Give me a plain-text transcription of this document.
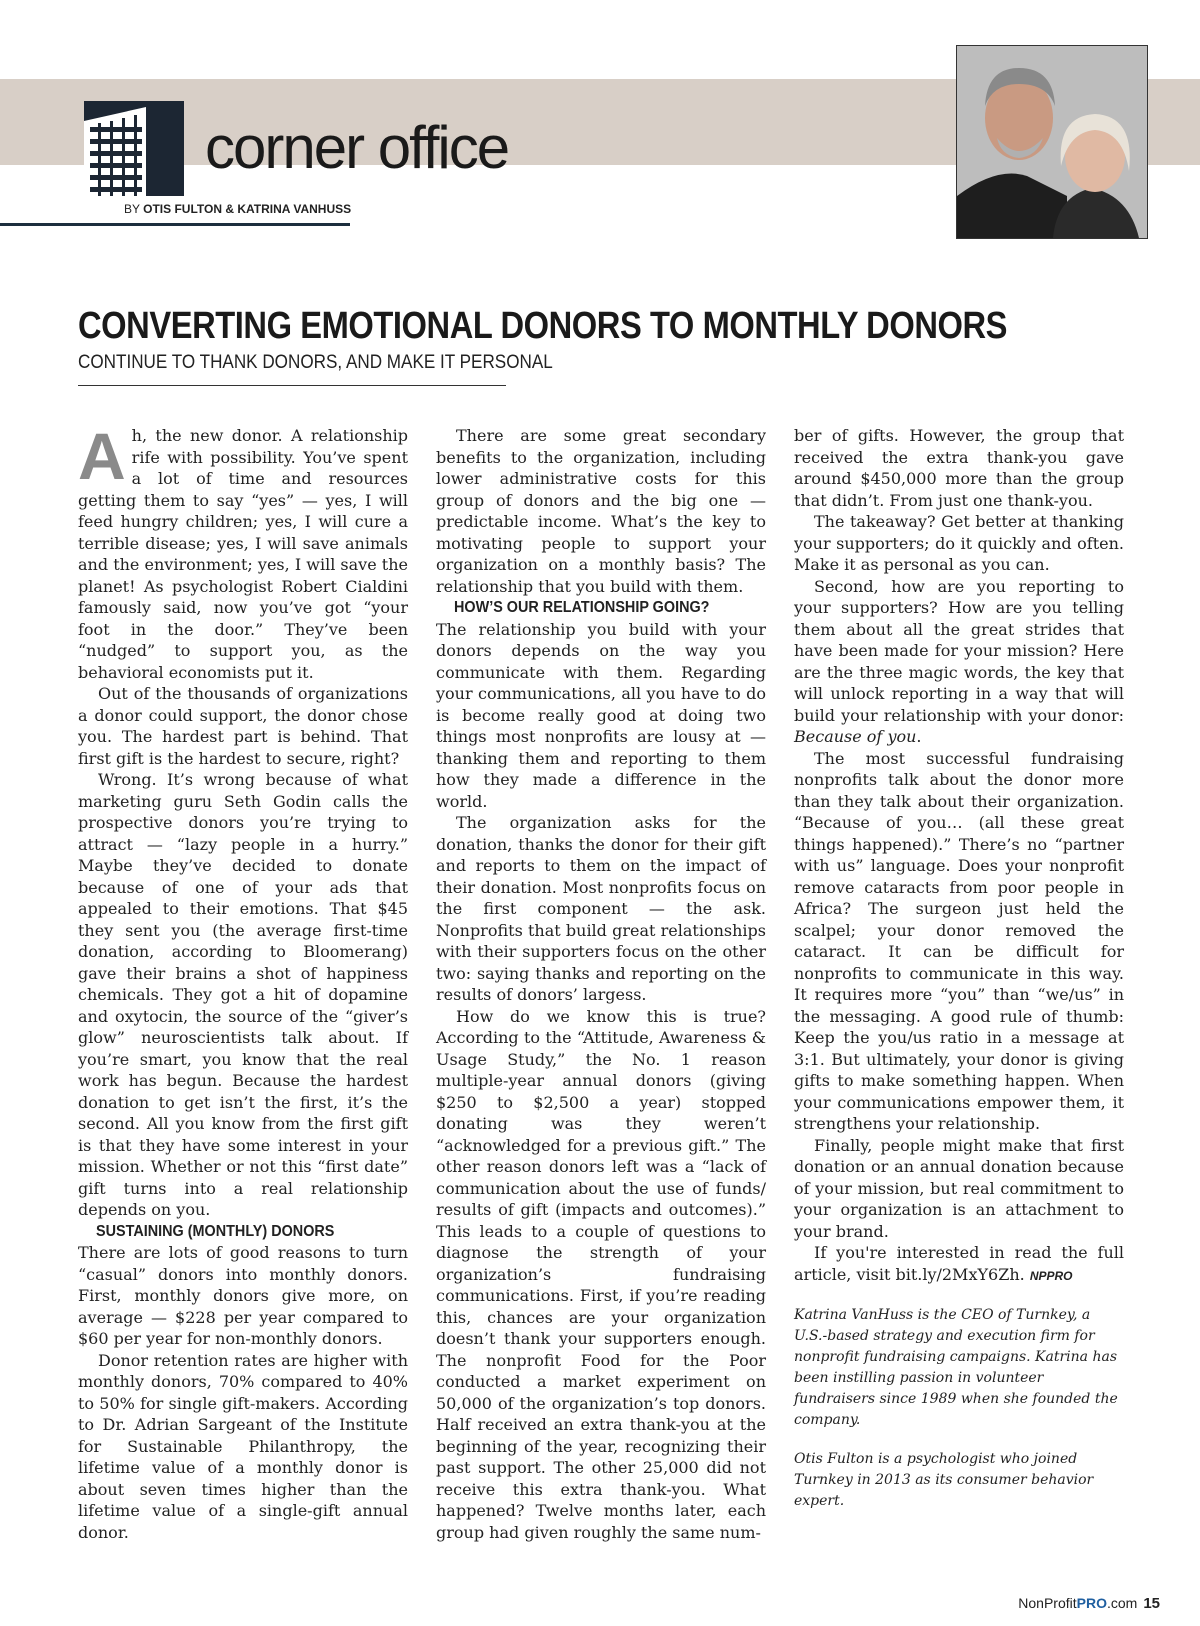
corner office
BY OTIS FULTON & KATRINA VANHUSS
CONVERTING EMOTIONAL DONORS TO MONTHLY DONORS
CONTINUE TO THANK DONORS, AND MAKE IT PERSONAL

Ah, the new donor. A relationship rife with possibility. You’ve spent a lot of time and resources getting them to say “yes” — yes, I will feed hungry children; yes, I will cure a terrible disease; yes, I will save animals and the environment; yes, I will save the planet! As psychologist Robert Cialdini famously said, now you’ve got “your foot in the door.” They’ve been “nudged” to support you, as the behavioral economists put it.

Out of the thousands of organizations a donor could support, the donor chose you. The hardest part is behind. That first gift is the hardest to secure, right?

Wrong. It’s wrong because of what marketing guru Seth Godin calls the prospective donors you’re trying to attract — “lazy people in a hurry.” Maybe they’ve decided to donate because of one of your ads that appealed to their emotions. That $45 they sent you (the average first-time donation, according to Bloomerang) gave their brains a shot of happiness chemicals. They got a hit of dopamine and oxytocin, the source of the “giver’s glow” neuroscientists talk about. If you’re smart, you know that the real work has begun. Because the hardest donation to get isn’t the first, it’s the second. All you know from the first gift is that they have some interest in your mission. Whether or not this “first date” gift turns into a real relationship depends on you.

SUSTAINING (MONTHLY) DONORS

There are lots of good reasons to turn “casual” donors into monthly donors. First, monthly donors give more, on average — $228 per year compared to $60 per year for non-monthly donors.

Donor retention rates are higher with monthly donors, 70% compared to 40% to 50% for single gift-makers. According to Dr. Adrian Sargeant of the Institute for Sustainable Philanthropy, the lifetime value of a monthly donor is about seven times higher than the lifetime value of a single-gift annual donor.

There are some great secondary benefits to the organization, including lower administrative costs for this group of donors and the big one — predictable income. What’s the key to motivating people to support your organization on a monthly basis? The relationship that you build with them.

HOW’S OUR RELATIONSHIP GOING?

The relationship you build with your donors depends on the way you communicate with them. Regarding your communications, all you have to do is become really good at doing two things most nonprofits are lousy at — thanking them and reporting to them how they made a difference in the world.

The organization asks for the donation, thanks the donor for their gift and reports to them on the impact of their donation. Most nonprofits focus on the first component — the ask. Nonprofits that build great relationships with their supporters focus on the other two: saying thanks and reporting on the results of donors’ largess.

How do we know this is true? According to the “Attitude, Awareness & Usage Study,” the No. 1 reason multiple-year annual donors (giving $250 to $2,500 a year) stopped donating was they weren’t “acknowledged for a previous gift.” The other reason donors left was a “lack of communication about the use of funds/ results of gift (impacts and outcomes).” This leads to a couple of questions to diagnose the strength of your organization’s fundraising communications. First, if you’re reading this, chances are your organization doesn’t thank your supporters enough. The nonprofit Food for the Poor conducted a market experiment on 50,000 of the organization’s top donors. Half received an extra thank-you at the beginning of the year, recognizing their past support. The other 25,000 did not receive this extra thank-you. What happened? Twelve months later, each group had given roughly the same num-

ber of gifts. However, the group that received the extra thank-you gave around $450,000 more than the group that didn’t. From just one thank-you.

The takeaway? Get better at thanking your supporters; do it quickly and often. Make it as personal as you can.

Second, how are you reporting to your supporters? How are you telling them about all the great strides that have been made for your mission? Here are the three magic words, the key that will unlock reporting in a way that will build your relationship with your donor: Because of you.

The most successful fundraising nonprofits talk about the donor more than they talk about their organization. “Because of you… (all these great things happened).” There’s no “partner with us” language. Does your nonprofit remove cataracts from poor people in Africa? The surgeon just held the scalpel; your donor removed the cataract. It can be difficult for nonprofits to communicate in this way. It requires more “you” than “we/us” in the messaging. A good rule of thumb: Keep the you/us ratio in a message at 3:1. But ultimately, your donor is giving gifts to make something happen. When your communications empower them, it strengthens your relationship.

Finally, people might make that first donation or an annual donation because of your mission, but real commitment to your organization is an attachment to your brand.

If you're interested in read the full article, visit bit.ly/2MxY6Zh. NPPRO

Katrina VanHuss is the CEO of Turnkey, a U.S.-based strategy and execution firm for nonprofit fundraising campaigns. Katrina has been instilling passion in volunteer fundraisers since 1989 when she founded the company.

Otis Fulton is a psychologist who joined Turnkey in 2013 as its consumer behavior expert.

NonProfitPRO.com 15
